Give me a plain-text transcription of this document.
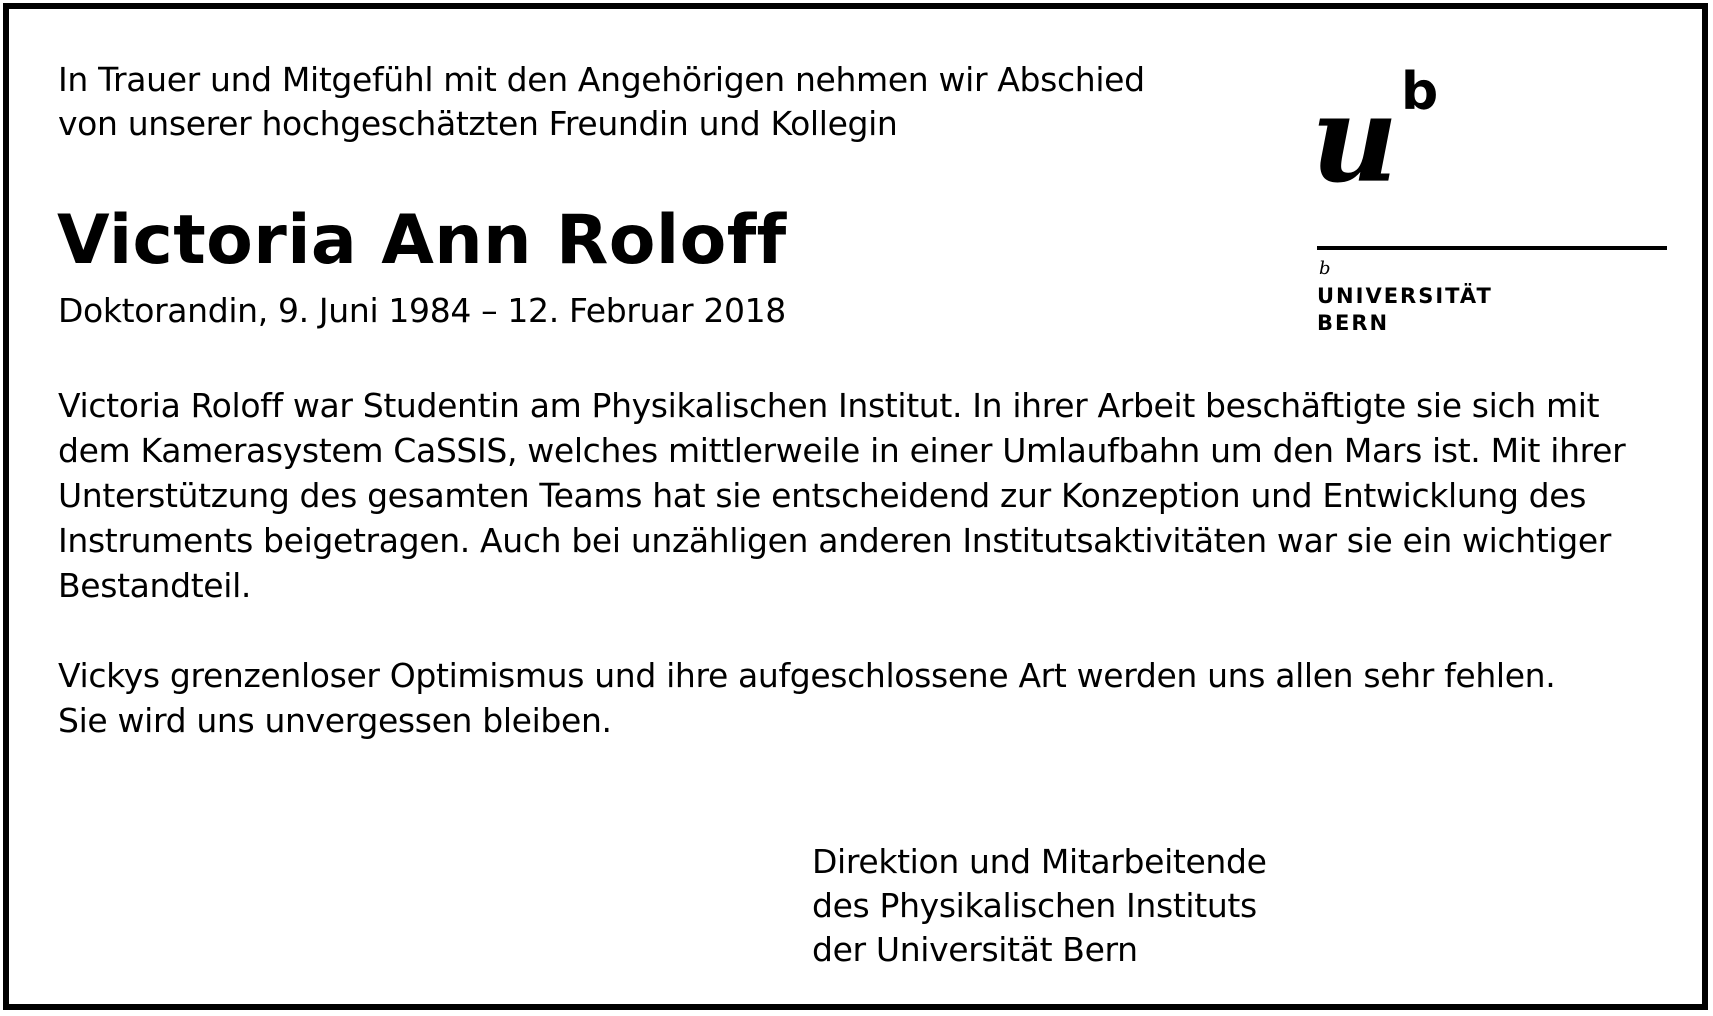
In Trauer und Mitgefühl mit den Angehörigen nehmen wir Abschied
von unserer hochgeschätzten Freundin und Kollegin
Victoria Ann Roloff
Doktorandin, 9. Juni 1984 – 12. Februar 2018
Victoria Roloff war Studentin am Physikalischen Institut. In ihrer Arbeit beschäftigte sie sich mit
dem Kamerasystem CaSSIS, welches mittlerweile in einer Umlaufbahn um den Mars ist. Mit ihrer
Unterstützung des gesamten Teams hat sie entscheidend zur Konzeption und Entwicklung des
Instruments beigetragen. Auch bei unzähligen anderen Institutsaktivitäten war sie ein wichtiger
Bestandteil.
Vickys grenzenloser Optimismus und ihre aufgeschlossene Art werden uns allen sehr fehlen.
Sie wird uns unvergessen bleiben.
Direktion und Mitarbeitende
des Physikalischen Instituts
der Universität Bern
u b
b
UNIVERSITÄT
BERN
